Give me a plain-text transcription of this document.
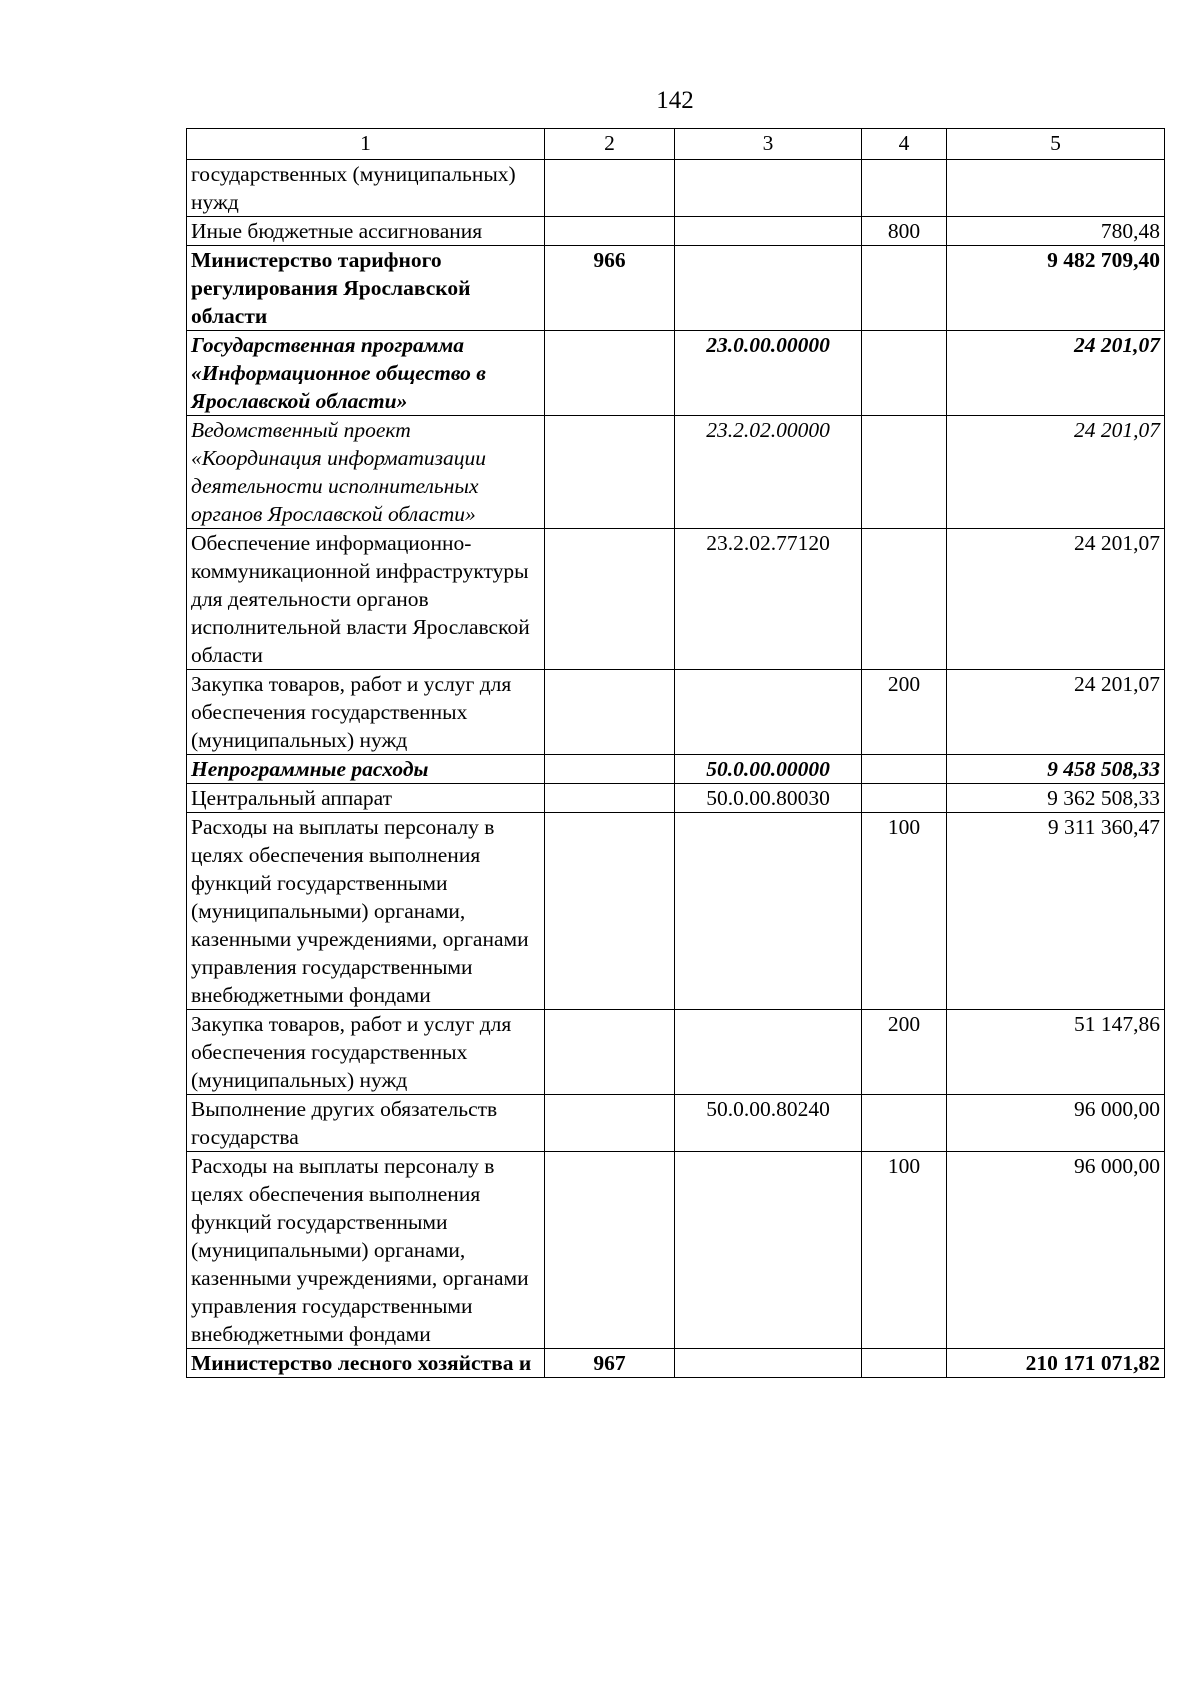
142
1	2	3	4	5
государственных (муниципальных) нужд				
Иные бюджетные ассигнования			800	780,48
Министерство тарифного регулирования Ярославской области	966			9 482 709,40
Государственная программа «Информационное общество в Ярославской области»		23.0.00.00000		24 201,07
Ведомственный проект «Координация информатизации деятельности исполнительных органов Ярославской области»		23.2.02.00000		24 201,07
Обеспечение информационно-коммуникационной инфраструктуры для деятельности органов исполнительной власти Ярославской области		23.2.02.77120		24 201,07
Закупка товаров, работ и услуг для обеспечения государственных (муниципальных) нужд			200	24 201,07
Непрограммные расходы		50.0.00.00000		9 458 508,33
Центральный аппарат		50.0.00.80030		9 362 508,33
Расходы на выплаты персоналу в целях обеспечения выполнения функций государственными (муниципальными) органами, казенными учреждениями, органами управления государственными внебюджетными фондами			100	9 311 360,47
Закупка товаров, работ и услуг для обеспечения государственных (муниципальных) нужд			200	51 147,86
Выполнение других обязательств государства		50.0.00.80240		96 000,00
Расходы на выплаты персоналу в целях обеспечения выполнения функций государственными (муниципальными) органами, казенными учреждениями, органами управления государственными внебюджетными фондами			100	96 000,00
Министерство лесного хозяйства и	967			210 171 071,82
